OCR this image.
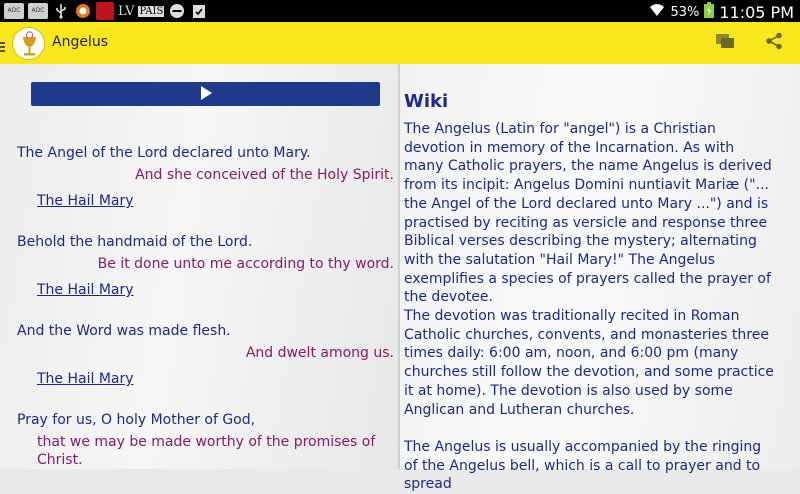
ADC	ADC	LV PAIS	53% 11:05 PM
Angelus
The Angel of the Lord declared unto Mary.
And she conceived of the Holy Spirit.
The Hail Mary
Behold the handmaid of the Lord.
Be it done unto me according to thy word.
The Hail Mary
And the Word was made flesh.
And dwelt among us.
The Hail Mary
Pray for us, O holy Mother of God,
that we may be made worthy of the promises of
Christ.
Wiki
The Angelus (Latin for "angel") is a Christian devotion in memory of the Incarnation. As with many Catholic prayers, the name Angelus is derived from its incipit: Angelus Domini nuntiavit Mariæ ("... the Angel of the Lord declared unto Mary ...") and is practised by reciting as versicle and response three Biblical verses describing the mystery; alternating with the salutation "Hail Mary!" The Angelus exemplifies a species of prayers called the prayer of the devotee.
The devotion was traditionally recited in Roman Catholic churches, convents, and monasteries three times daily: 6:00 am, noon, and 6:00 pm (many churches still follow the devotion, and some practice it at home). The devotion is also used by some Anglican and Lutheran churches.
The Angelus is usually accompanied by the ringing of the Angelus bell, which is a call to prayer and to spread
